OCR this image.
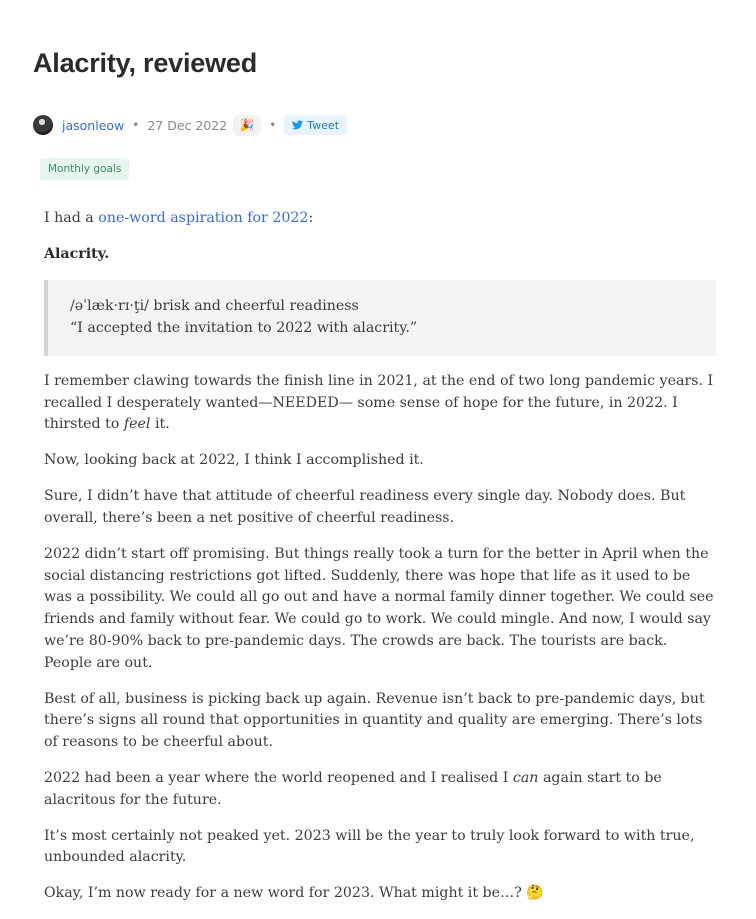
Alacrity, reviewed
jasonleow • 27 Dec 2022 🎉 •	Tweet
Monthly goals

I had a one-word aspiration for 2022:

Alacrity.

/əˈlæk·rɪ·ţi/ brisk and cheerful readiness
“I accepted the invitation to 2022 with alacrity.”

I remember clawing towards the finish line in 2021, at the end of two long pandemic years. I recalled I desperately wanted—NEEDED— some sense of hope for the future, in 2022. I thirsted to feel it.

Now, looking back at 2022, I think I accomplished it.

Sure, I didn’t have that attitude of cheerful readiness every single day. Nobody does. But overall, there’s been a net positive of cheerful readiness.

2022 didn’t start off promising. But things really took a turn for the better in April when the social distancing restrictions got lifted. Suddenly, there was hope that life as it used to be was a possibility. We could all go out and have a normal family dinner together. We could see friends and family without fear. We could go to work. We could mingle. And now, I would say we’re 80-90% back to pre-pandemic days. The crowds are back. The tourists are back. People are out.

Best of all, business is picking back up again. Revenue isn’t back to pre-pandemic days, but there’s signs all round that opportunities in quantity and quality are emerging. There’s lots of reasons to be cheerful about.

2022 had been a year where the world reopened and I realised I can again start to be alacritous for the future.

It’s most certainly not peaked yet. 2023 will be the year to truly look forward to with true, unbounded alacrity.

Okay, I’m now ready for a new word for 2023. What might it be…? 🤔
